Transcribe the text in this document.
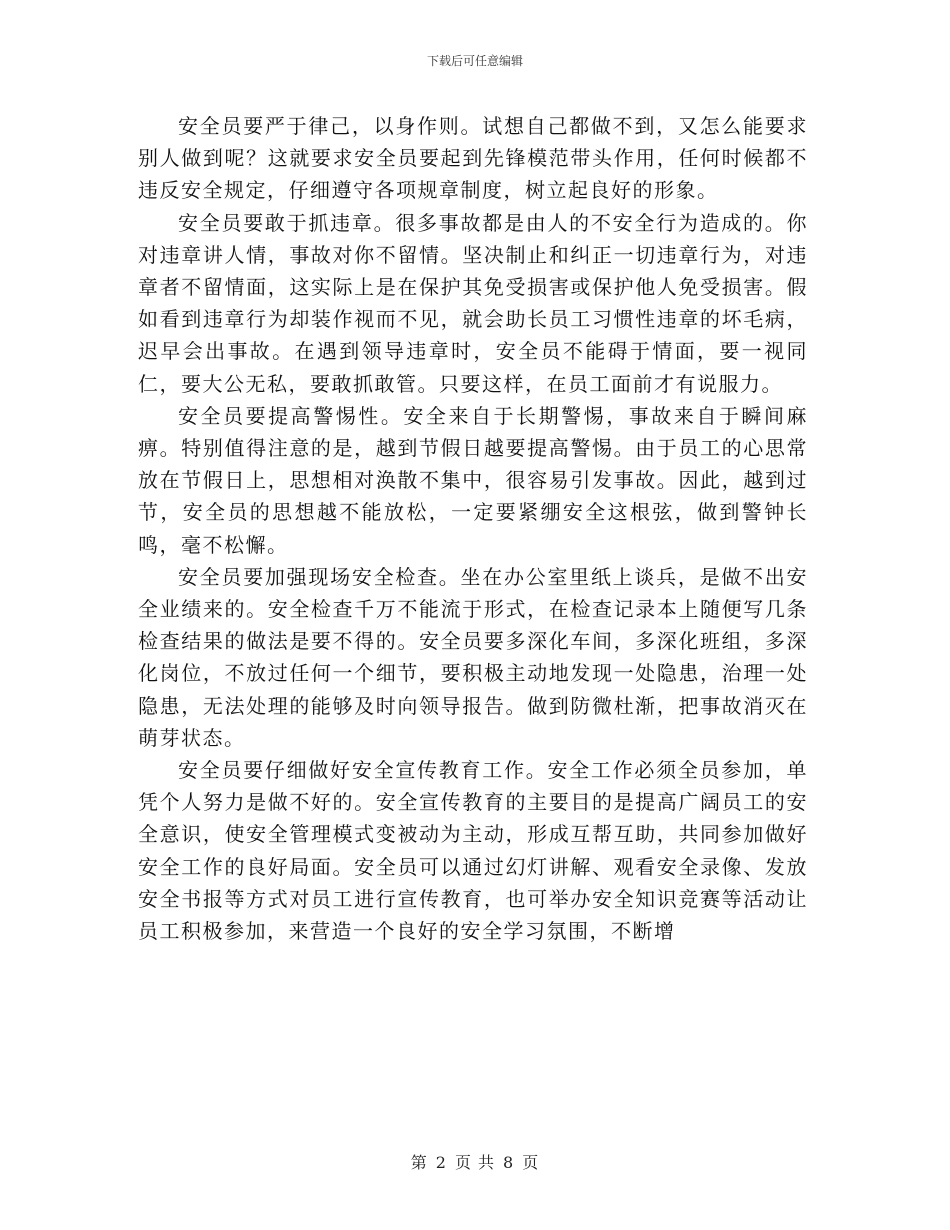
下载后可任意编辑

安全员要严于律己，以身作则。试想自己都做不到，又怎么能要求别人做到呢？这就要求安全员要起到先锋模范带头作用，任何时候都不违反安全规定，仔细遵守各项规章制度，树立起良好的形象。

安全员要敢于抓违章。很多事故都是由人的不安全行为造成的。你对违章讲人情，事故对你不留情。坚决制止和纠正一切违章行为，对违章者不留情面，这实际上是在保护其免受损害或保护他人免受损害。假如看到违章行为却装作视而不见，就会助长员工习惯性违章的坏毛病，迟早会出事故。在遇到领导违章时，安全员不能碍于情面，要一视同仁，要大公无私，要敢抓敢管。只要这样，在员工面前才有说服力。

安全员要提高警惕性。安全来自于长期警惕，事故来自于瞬间麻痹。特别值得注意的是，越到节假日越要提高警惕。由于员工的心思常放在节假日上，思想相对涣散不集中，很容易引发事故。因此，越到过节，安全员的思想越不能放松，一定要紧绷安全这根弦，做到警钟长鸣，毫不松懈。

安全员要加强现场安全检查。坐在办公室里纸上谈兵，是做不出安全业绩来的。安全检查千万不能流于形式，在检查记录本上随便写几条检查结果的做法是要不得的。安全员要多深化车间，多深化班组，多深化岗位，不放过任何一个细节，要积极主动地发现一处隐患，治理一处隐患，无法处理的能够及时向领导报告。做到防微杜渐，把事故消灭在萌芽状态。

安全员要仔细做好安全宣传教育工作。安全工作必须全员参加，单凭个人努力是做不好的。安全宣传教育的主要目的是提高广阔员工的安全意识，使安全管理模式变被动为主动，形成互帮互助，共同参加做好安全工作的良好局面。安全员可以通过幻灯讲解、观看安全录像、发放安全书报等方式对员工进行宣传教育，也可举办安全知识竞赛等活动让员工积极参加，来营造一个良好的安全学习氛围，不断增

第 2 页 共 8 页
